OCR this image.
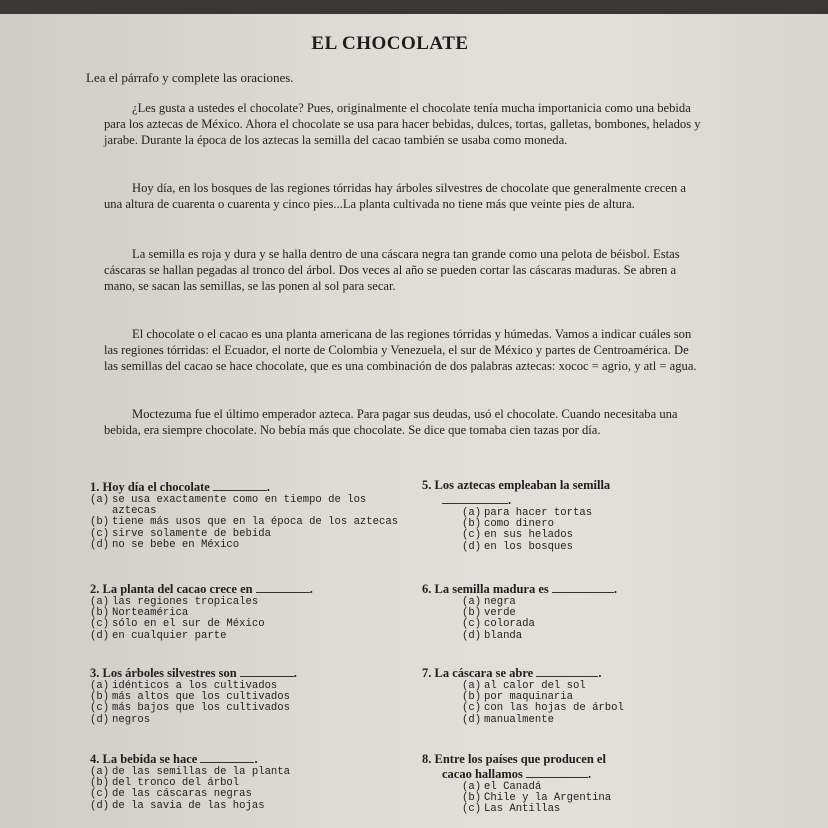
EL CHOCOLATE
Lea el párrafo y complete las oraciones.
¿Les gusta a ustedes el chocolate? Pues, originalmente el chocolate tenía mucha importanicia como una bebida para los aztecas de México. Ahora el chocolate se usa para hacer bebidas, dulces, tortas, galletas, bombones, helados y jarabe. Durante la época de los aztecas la semilla del cacao también se usaba como moneda.
Hoy día, en los bosques de las regiones tórridas hay árboles silvestres de chocolate que generalmente crecen a una altura de cuarenta o cuarenta y cinco pies...La planta cultivada no tiene más que veinte pies de altura.
La semilla es roja y dura y se halla dentro de una cáscara negra tan grande como una pelota de béisbol. Estas cáscaras se hallan pegadas al tronco del árbol. Dos veces al año se pueden cortar las cáscaras maduras. Se abren a mano, se sacan las semillas, se las ponen al sol para secar.
El chocolate o el cacao es una planta americana de las regiones tórridas y húmedas. Vamos a indicar cuáles son las regiones tórridas: el Ecuador, el norte de Colombia y Venezuela, el sur de México y partes de Centroamérica. De las semillas del cacao se hace chocolate, que es una combinación de dos palabras aztecas: xococ = agrio, y atl = agua.
Moctezuma fue el último emperador azteca. Para pagar sus deudas, usó el chocolate. Cuando necesitaba una bebida, era siempre chocolate. No bebía más que chocolate. Se dice que tomaba cien tazas por día.
1. Hoy día el chocolate	.
(a) se usa exactamente como en tiempo de los
aztecas
(b) tiene más usos que en la época de los aztecas
(c) sirve solamente de bebida
(d) no se bebe en México
2. La planta del cacao crece en	.
(a) las regiones tropicales
(b) Norteamérica
(c) sólo en el sur de México
(d) en cualquier parte
3. Los árboles silvestres son	.
(a) idénticos a los cultivados
(b) más altos que los cultivados
(c) más bajos que los cultivados
(d) negros
4. La bebida se hace	.
(a) de las semillas de la planta
(b) del tronco del árbol
(c) de las cáscaras negras
(d) de la savia de las hojas
5. Los aztecas empleaban la semilla
.
(a) para hacer tortas
(b) como dinero
(c) en sus helados
(d) en los bosques
6. La semilla madura es	.
(a) negra
(b) verde
(c) colorada
(d) blanda
7. La cáscara se abre	.
(a) al calor del sol
(b) por maquinaria
(c) con las hojas de árbol
(d) manualmente
8. Entre los países que producen el
cacao hallamos	.
(a) el Canadá
(b) Chile y la Argentina
(c) Las Antillas
